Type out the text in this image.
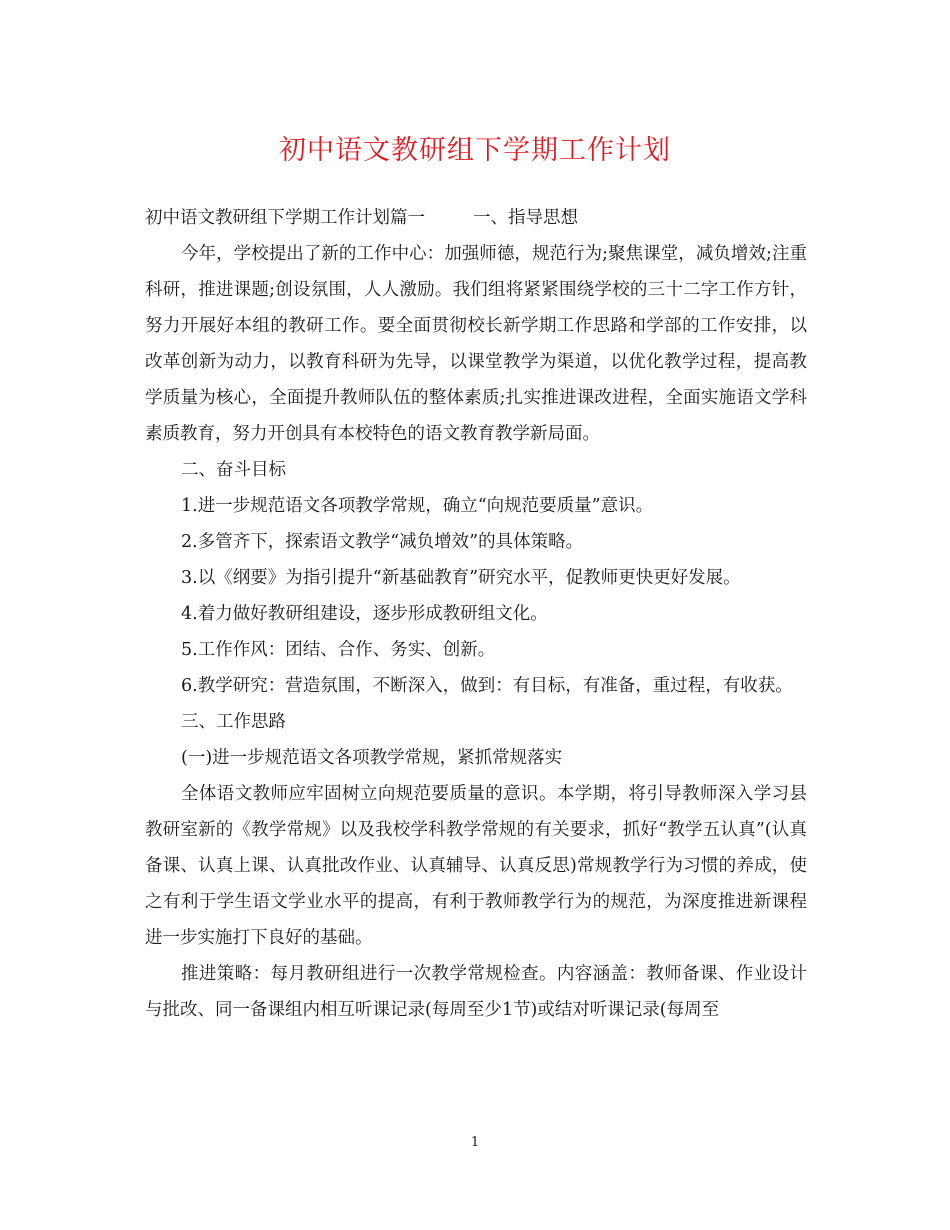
初中语文教研组下学期工作计划

初中语文教研组下学期工作计划篇一	一、指导思想

今年，学校提出了新的工作中心：加强师德，规范行为;聚焦课堂，减负增效;注重科研，推进课题;创设氛围，人人激励。我们组将紧紧围绕学校的三十二字工作方针，努力开展好本组的教研工作。要全面贯彻校长新学期工作思路和学部的工作安排，以改革创新为动力，以教育科研为先导，以课堂教学为渠道，以优化教学过程，提高教学质量为核心，全面提升教师队伍的整体素质;扎实推进课改进程，全面实施语文学科素质教育，努力开创具有本校特色的语文教育教学新局面。

二、奋斗目标

1.进一步规范语文各项教学常规，确立“向规范要质量”意识。

2.多管齐下，探索语文教学“减负增效”的具体策略。

3.以《纲要》为指引提升“新基础教育”研究水平，促教师更快更好发展。

4.着力做好教研组建设，逐步形成教研组文化。

5.工作作风：团结、合作、务实、创新。

6.教学研究：营造氛围，不断深入，做到：有目标，有准备，重过程，有收获。

三、工作思路

(一)进一步规范语文各项教学常规，紧抓常规落实

全体语文教师应牢固树立向规范要质量的意识。本学期，将引导教师深入学习县教研室新的《教学常规》以及我校学科教学常规的有关要求，抓好“教学五认真”(认真备课、认真上课、认真批改作业、认真辅导、认真反思)常规教学行为习惯的养成，使之有利于学生语文学业水平的提高，有利于教师教学行为的规范，为深度推进新课程进一步实施打下良好的基础。

推进策略：每月教研组进行一次教学常规检查。内容涵盖：教师备课、作业设计与批改、同一备课组内相互听课记录(每周至少1节)或结对听课记录(每周至

1
